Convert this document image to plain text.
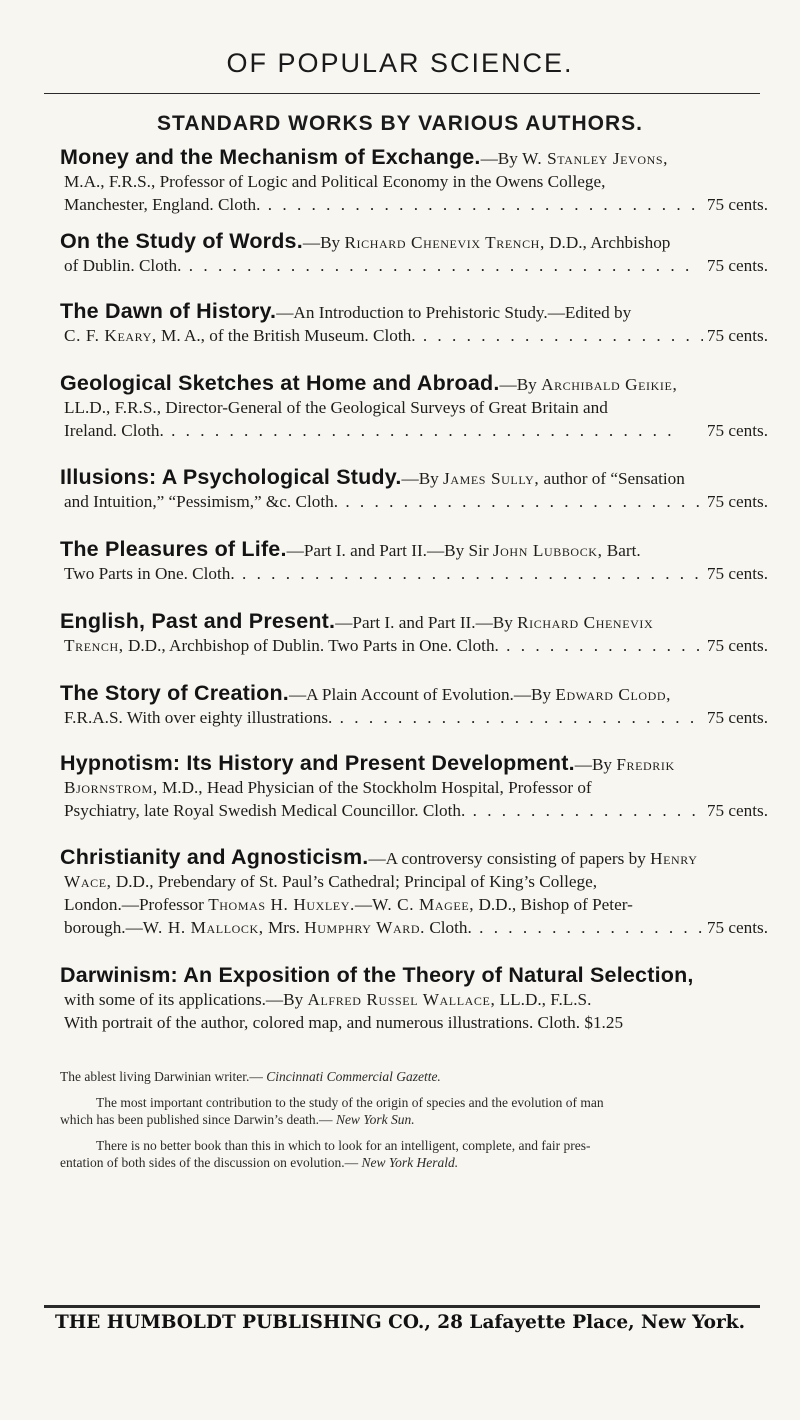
OF POPULAR SCIENCE.
STANDARD WORKS BY VARIOUS AUTHORS.
Money and the Mechanism of Exchange.—By W. Stanley Jevons,
M.A., F.R.S., Professor of Logic and Political Economy in the Owens College,
Manchester, England. Cloth. . . .	75 cents.
On the Study of Words.—By Richard Chenevix Trench, D.D., Archbishop
of Dublin. Cloth. . . .	75 cents.
The Dawn of History.—An Introduction to Prehistoric Study.—Edited by
C. F. Keary, M. A., of the British Museum. Cloth. . . .	75 cents.
Geological Sketches at Home and Abroad.—By Archibald Geikie,
LL.D., F.R.S., Director-General of the Geological Surveys of Great Britain and
Ireland. Cloth. . . .	75 cents.
Illusions: A Psychological Study.—By James Sully, author of “Sensation
and Intuition,” “Pessimism,” &c. Cloth. . . .	75 cents.
The Pleasures of Life.—Part I. and Part II.—By Sir John Lubbock, Bart.
Two Parts in One. Cloth. . . .	75 cents.
English, Past and Present.—Part I. and Part II.—By Richard Chenevix
Trench, D.D., Archbishop of Dublin. Two Parts in One. Cloth. . . .	75 cents.
The Story of Creation.—A Plain Account of Evolution.—By Edward Clodd,
F.R.A.S. With over eighty illustrations. . . .	75 cents.
Hypnotism: Its History and Present Development.—By Fredrik
Bjornstrom, M.D., Head Physician of the Stockholm Hospital, Professor of
Psychiatry, late Royal Swedish Medical Councillor. Cloth. . . .	75 cents.
Christianity and Agnosticism.—A controversy consisting of papers by Henry
Wace, D.D., Prebendary of St. Paul’s Cathedral; Principal of King’s College,
London.—Professor Thomas H. Huxley.—W. C. Magee, D.D., Bishop of Peter-
borough.—W. H. Mallock, Mrs. Humphry Ward. Cloth. . . .	75 cents.
Darwinism: An Exposition of the Theory of Natural Selection,
with some of its applications.—By Alfred Russel Wallace, LL.D., F.L.S.
With portrait of the author, colored map, and numerous illustrations. Cloth. $1.25
The ablest living Darwinian writer.— Cincinnati Commercial Gazette.
The most important contribution to the study of the origin of species and the evolution of man
which has been published since Darwin’s death.— New York Sun.
There is no better book than this in which to look for an intelligent, complete, and fair pres-
entation of both sides of the discussion on evolution.— New York Herald.
THE HUMBOLDT PUBLISHING CO., 28 Lafayette Place, New York.
